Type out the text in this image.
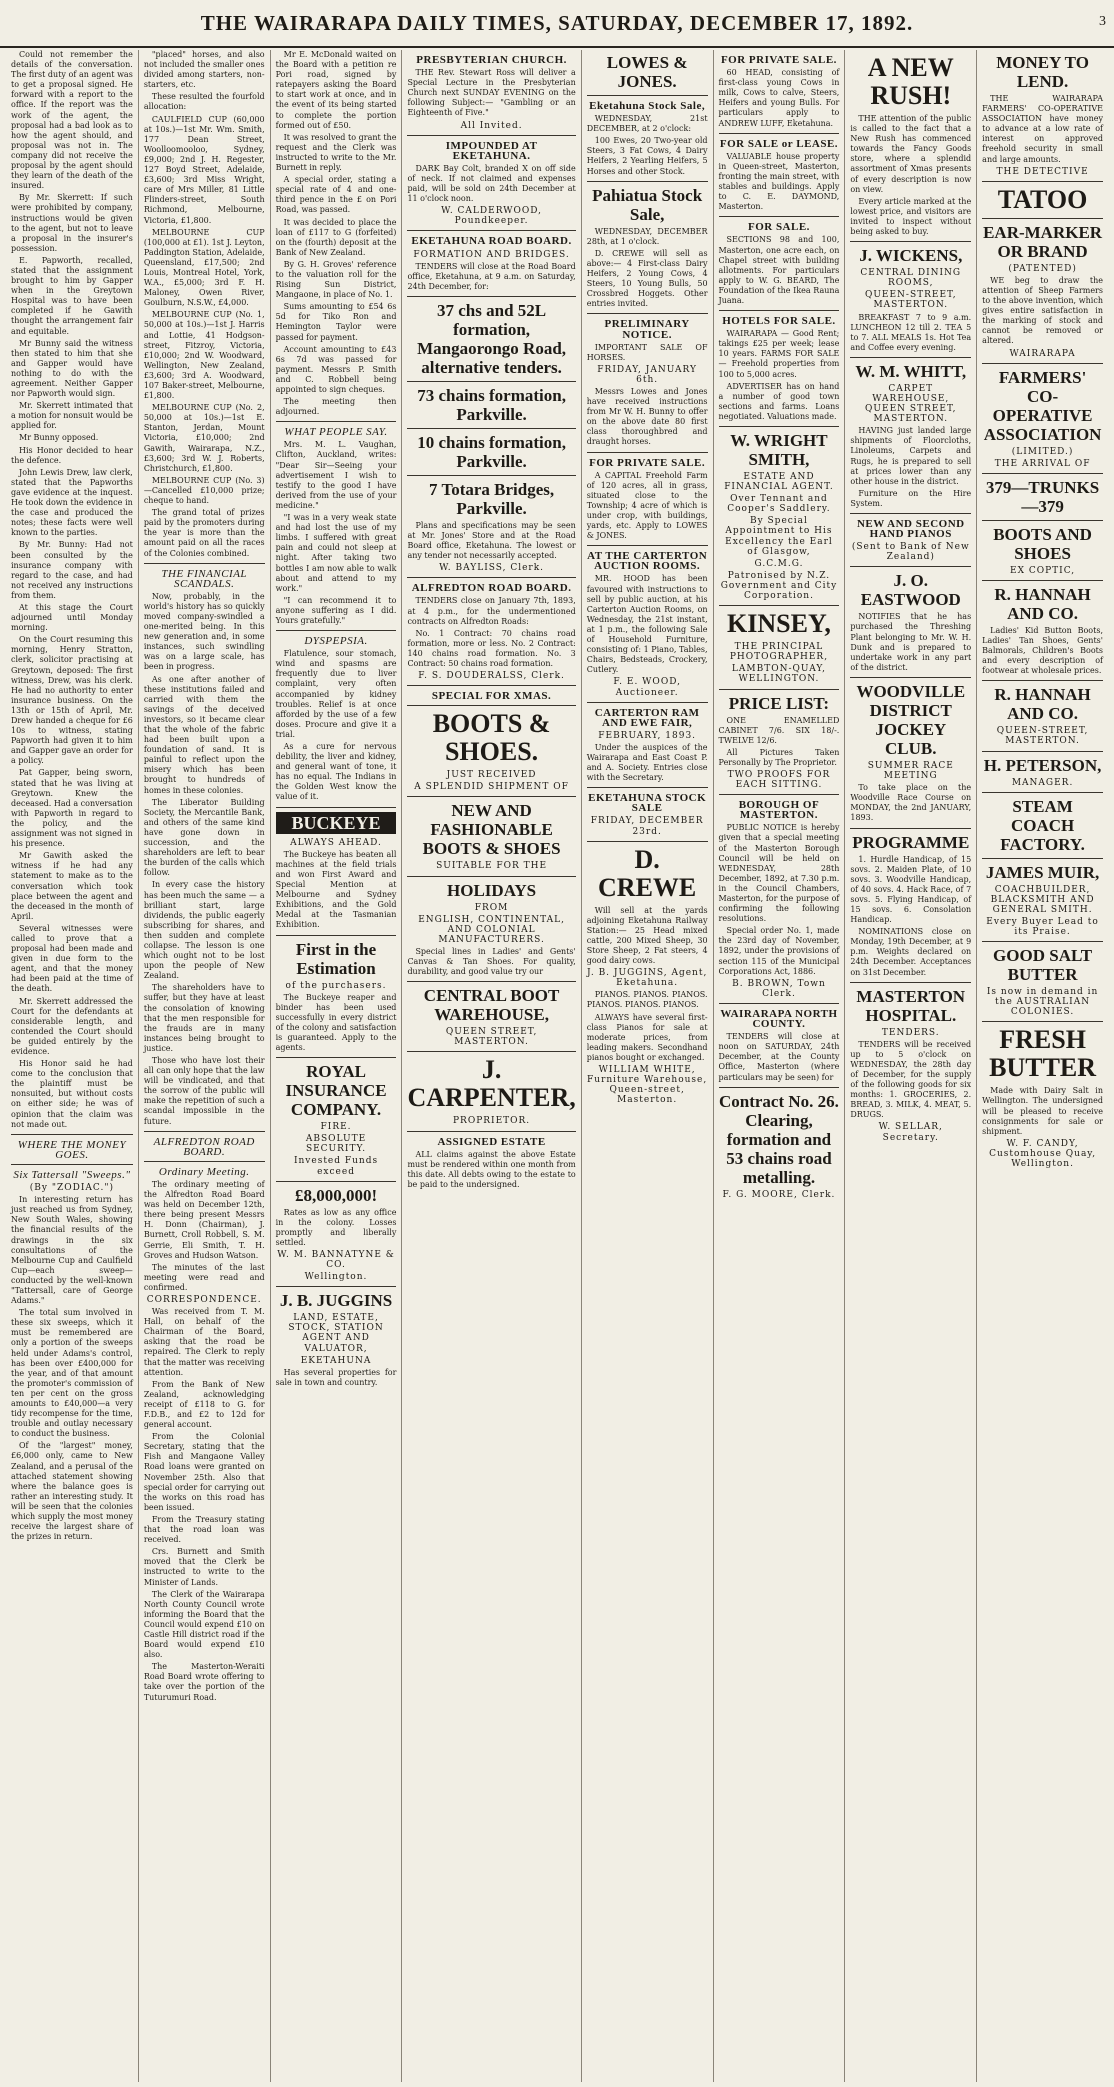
THE WAIRARAPA DAILY TIMES, SATURDAY, DECEMBER 17, 1892.	3
Could not remember the details of the conversation. The first duty of an agent was to get a proposal signed. He forward with a report to the office. If the report was the work of the agent, the proposal had a bad look as to how the agent should, and proposal was not in. The company did not receive the proposal by the agent should they learn of the death of the insured.
By Mr. Skerrett: If such were prohibited by company, instructions would be given to the agent, but not to leave a proposal in the insurer's possession.
E. Papworth, recalled, stated that the assignment brought to him by Gapper when in the Greytown Hospital was to have been completed if he Gawith thought the arrangement fair and equitable.
Mr Bunny said the witness then stated to him that she and Gapper would have nothing to do with the agreement. Neither Gapper nor Papworth would sign.
Mr. Skerrett intimated that a motion for nonsuit would be applied for.
Mr Bunny opposed.
His Honor decided to hear the defence.
John Lewis Drew, law clerk, stated that the Papworths gave evidence at the inquest. He took down the evidence in the case and produced the notes; these facts were well known to the parties.
By Mr. Bunny: Had not been consulted by the insurance company with regard to the case, and had not received any instructions from them.
At this stage the Court adjourned until Monday morning.
On the Court resuming this morning, Henry Stratton, clerk, solicitor practising at Greytown, deposed: The first witness, Drew, was his clerk. He had no authority to enter insurance business. On the 13th or 15th of April, Mr. Drew handed a cheque for £6 10s to witness, stating Papworth had given it to him and Gapper gave an order for a policy.
Pat Gapper, being sworn, stated that he was living at Greytown. Knew the deceased. Had a conversation with Papworth in regard to the policy, and the assignment was not signed in his presence.
Mr Gawith asked the witness if he had any statement to make as to the conversation which took place between the agent and the deceased in the month of April.
Several witnesses were called to prove that a proposal had been made and given in due form to the agent, and that the money had been paid at the time of the death.
Mr. Skerrett addressed the Court for the defendants at considerable length, and contended the Court should be guided entirely by the evidence.
His Honor said he had come to the conclusion that the plaintiff must be nonsuited, but without costs on either side; he was of opinion that the claim was not made out.
WHERE THE MONEY GOES.
Six Tattersall "Sweeps."
(By "ZODIAC.")
In interesting return has just reached us from Sydney, New South Wales, showing the financial results of the drawings in the six consultations of the Melbourne Cup and Caulfield Cup—each sweep—conducted by the well-known "Tattersall, care of George Adams."
The total sum involved in these six sweeps, which it must be remembered are only a portion of the sweeps held under Adams's control, has been over £400,000 for the year, and of that amount the promoter's commission of ten per cent on the gross amounts to £40,000—a very tidy recompense for the time, trouble and outlay necessary to conduct the business.
Of the "largest" money, £6,000 only, came to New Zealand, and a perusal of the attached statement showing where the balance goes is rather an interesting study. It will be seen that the colonies which supply the most money receive the largest share of the prizes in return.
"placed" horses, and also not included the smaller ones divided among starters, non-starters, etc.
These resulted the fourfold allocation:
CAULFIELD CUP (60,000 at 10s.)—1st Mr. Wm. Smith, 177 Dean Street, Woolloomooloo, Sydney, £9,000; 2nd J. H. Regester, 127 Boyd Street, Adelaide, £3,600; 3rd Miss Wright, care of Mrs Miller, 81 Little Flinders-street, South Richmond, Melbourne, Victoria, £1,800.
MELBOURNE CUP (100,000 at £1). 1st J. Leyton, Paddington Station, Adelaide, Queensland, £17,500; 2nd Louis, Montreal Hotel, York, W.A., £5,000; 3rd F. H. Maloney, Owen River, Goulburn, N.S.W., £4,000.
MELBOURNE CUP (No. 1, 50,000 at 10s.)—1st J. Harris and Lottie, 41 Hodgson-street, Fitzroy, Victoria, £10,000; 2nd W. Woodward, Wellington, New Zealand, £3,600; 3rd A. Woodward, 107 Baker-street, Melbourne, £1,800.
MELBOURNE CUP (No. 2, 50,000 at 10s.)—1st E. Stanton, Jerdan, Mount Victoria, £10,000; 2nd Gawith, Wairarapa, N.Z., £3,600; 3rd W. J. Roberts, Christchurch, £1,800.
MELBOURNE CUP (No. 3)—Cancelled £10,000 prize; cheque to hand.
The grand total of prizes paid by the promoters during the year is more than the amount paid on all the races of the Colonies combined.
THE FINANCIAL SCANDALS.
Now, probably, in the world's history has so quickly moved company-swindled a one-merited being. In this new generation and, in some instances, such swindling was on a large scale, has been in progress.
As one after another of these institutions failed and carried with them the savings of the deceived investors, so it became clear that the whole of the fabric had been built upon a foundation of sand. It is painful to reflect upon the misery which has been brought to hundreds of homes in these colonies.
The Liberator Building Society, the Mercantile Bank, and others of the same kind have gone down in succession, and the shareholders are left to bear the burden of the calls which follow.
In every case the history has been much the same — a brilliant start, large dividends, the public eagerly subscribing for shares, and then sudden and complete collapse. The lesson is one which ought not to be lost upon the people of New Zealand.
The shareholders have to suffer, but they have at least the consolation of knowing that the men responsible for the frauds are in many instances being brought to justice.
Those who have lost their all can only hope that the law will be vindicated, and that the sorrow of the public will make the repetition of such a scandal impossible in the future.
ALFREDTON ROAD BOARD.
Ordinary Meeting.
The ordinary meeting of the Alfredton Road Board was held on December 12th, there being present Messrs H. Donn (Chairman), J. Burnett, Croll Robbell, S. M. Gerrie, Eli Smith, T. H. Groves and Hudson Watson.
The minutes of the last meeting were read and confirmed.
CORRESPONDENCE.
Was received from T. M. Hall, on behalf of the Chairman of the Board, asking that the road be repaired. The Clerk to reply that the matter was receiving attention.
From the Bank of New Zealand, acknowledging receipt of £118 to G. for F.D.B., and £2 to 12d for general account.
From the Colonial Secretary, stating that the Fish and Mangaone Valley Road loans were granted on November 25th. Also that special order for carrying out the works on this road has been issued.
From the Treasury stating that the road loan was received.
Crs. Burnett and Smith moved that the Clerk be instructed to write to the Minister of Lands.
The Clerk of the Wairarapa North County Council wrote informing the Board that the Council would expend £10 on Castle Hill district road if the Board would expend £10 also.
The Masterton-Weraiti Road Board wrote offering to take over the portion of the Tuturumuri Road.
Mr E. McDonald waited on the Board with a petition re Pori road, signed by ratepayers asking the Board to start work at once, and in the event of its being started to complete the portion formed out of £50.
It was resolved to grant the request and the Clerk was instructed to write to the Mr. Burnett in reply.
A special order, stating a special rate of 4 and one-third pence in the £ on Pori Road, was passed.
It was decided to place the loan of £117 to G (forfeited) on the (fourth) deposit at the Bank of New Zealand.
By G. H. Groves' reference to the valuation roll for the Rising Sun District, Mangaone, in place of No. 1.
Sums amounting to £54 6s 5d for Tiko Ron and Hemington Taylor were passed for payment.
Account amounting to £43 6s 7d was passed for payment. Messrs P. Smith and C. Robbell being appointed to sign cheques.
The meeting then adjourned.
WHAT PEOPLE SAY.
Mrs. M. L. Vaughan, Clifton, Auckland, writes: "Dear Sir—Seeing your advertisement I wish to testify to the good I have derived from the use of your medicine."
"I was in a very weak state and had lost the use of my limbs. I suffered with great pain and could not sleep at night. After taking two bottles I am now able to walk about and attend to my work."
"I can recommend it to anyone suffering as I did. Yours gratefully."
DYSPEPSIA.
Flatulence, sour stomach, wind and spasms are frequently due to liver complaint, very often accompanied by kidney troubles. Relief is at once afforded by the use of a few doses. Procure and give it a trial.
As a cure for nervous debility, the liver and kidney, and general want of tone, it has no equal. The Indians in the Golden West know the value of it.
BUCKEYE
ALWAYS AHEAD.
The Buckeye has beaten all machines at the field trials and won First Award and Special Mention at Melbourne and Sydney Exhibitions, and the Gold Medal at the Tasmanian Exhibition.
First in the Estimation
of the purchasers.
The Buckeye reaper and binder has been used successfully in every district of the colony and satisfaction is guaranteed. Apply to the agents.
ROYAL INSURANCE COMPANY.
FIRE.
ABSOLUTE SECURITY.
Invested Funds exceed
£8,000,000!
Rates as low as any office in the colony. Losses promptly and liberally settled.
W. M. BANNATYNE & CO.
Wellington.
J. B. JUGGINS
LAND, ESTATE, STOCK, STATION AGENT AND VALUATOR,
EKETAHUNA
Has several properties for sale in town and country.
PRESBYTERIAN CHURCH.
THE Rev. Stewart Ross will deliver a Special Lecture in the Presbyterian Church next SUNDAY EVENING on the following Subject:— "Gambling or an Eighteenth of Five."
All Invited.
IMPOUNDED AT EKETAHUNA.
DARK Bay Colt, branded X on off side of neck. If not claimed and expenses paid, will be sold on 24th December at 11 o'clock noon.
W. CALDERWOOD, Poundkeeper.
EKETAHUNA ROAD BOARD.
FORMATION AND BRIDGES.
TENDERS will close at the Road Board office, Eketahuna, at 9 a.m. on Saturday, 24th December, for:
37 chs and 52L formation, Mangaorongo Road, alternative tenders.
73 chains formation, Parkville.
10 chains formation, Parkville.
7 Totara Bridges, Parkville.
Plans and specifications may be seen at Mr. Jones' Store and at the Road Board office, Eketahuna. The lowest or any tender not necessarily accepted.
W. BAYLISS, Clerk.
ALFREDTON ROAD BOARD.
TENDERS close on January 7th, 1893, at 4 p.m., for the undermentioned contracts on Alfredton Roads:
No. 1 Contract: 70 chains road formation, more or less. No. 2 Contract: 140 chains road formation. No. 3 Contract: 50 chains road formation.
F. S. DOUDERALSS, Clerk.
SPECIAL FOR XMAS.
BOOTS & SHOES.
JUST RECEIVED
A SPLENDID SHIPMENT OF
NEW AND FASHIONABLE BOOTS & SHOES
SUITABLE FOR THE
HOLIDAYS
FROM
ENGLISH, CONTINENTAL, AND COLONIAL MANUFACTURERS.
Special lines in Ladies' and Gents' Canvas & Tan Shoes. For quality, durability, and good value try our
CENTRAL BOOT WAREHOUSE,
QUEEN STREET, MASTERTON.
J. CARPENTER,
PROPRIETOR.
ASSIGNED ESTATE
ALL claims against the above Estate must be rendered within one month from this date. All debts owing to the estate to be paid to the undersigned.
LOWES & JONES.
Eketahuna Stock Sale,
WEDNESDAY, 21st DECEMBER, at 2 o'clock:
100 Ewes, 20 Two-year old Steers, 3 Fat Cows, 4 Dairy Heifers, 2 Yearling Heifers, 5 Horses and other Stock.
Pahiatua Stock Sale,
WEDNESDAY, DECEMBER 28th, at 1 o'clock.
D. CREWE will sell as above:— 4 First-class Dairy Heifers, 2 Young Cows, 4 Steers, 10 Young Bulls, 50 Crossbred Hoggets. Other entries invited.
PRELIMINARY NOTICE.
IMPORTANT SALE OF HORSES.
FRIDAY, JANUARY 6th.
Messrs Lowes and Jones have received instructions from Mr W. H. Bunny to offer on the above date 80 first class thoroughbred and draught horses.
FOR PRIVATE SALE.
A CAPITAL Freehold Farm of 120 acres, all in grass, situated close to the Township; 4 acre of which is under crop, with buildings, yards, etc. Apply to LOWES & JONES.
AT THE CARTERTON AUCTION ROOMS.
MR. HOOD has been favoured with instructions to sell by public auction, at his Carterton Auction Rooms, on Wednesday, the 21st instant, at 1 p.m., the following Sale of Household Furniture, consisting of: 1 Piano, Tables, Chairs, Bedsteads, Crockery, Cutlery.
F. E. WOOD, Auctioneer.
CARTERTON RAM AND EWE FAIR,
FEBRUARY, 1893.
Under the auspices of the Wairarapa and East Coast P. and A. Society. Entries close with the Secretary.
EKETAHUNA STOCK SALE
FRIDAY, DECEMBER 23rd.
D. CREWE
Will sell at the yards adjoining Eketahuna Railway Station:— 25 Head mixed cattle, 200 Mixed Sheep, 30 Store Sheep, 2 Fat steers, 4 good dairy cows.
J. B. JUGGINS, Agent, Eketahuna.
PIANOS. PIANOS. PIANOS. PIANOS. PIANOS. PIANOS.
ALWAYS have several first-class Pianos for sale at moderate prices, from leading makers. Secondhand pianos bought or exchanged.
WILLIAM WHITE, Furniture Warehouse, Queen-street, Masterton.
FOR PRIVATE SALE.
60 HEAD, consisting of first-class young Cows in milk, Cows to calve, Steers, Heifers and young Bulls. For particulars apply to ANDREW LUFF, Eketahuna.
FOR SALE or LEASE.
VALUABLE house property in Queen-street, Masterton, fronting the main street, with stables and buildings. Apply to C. E. DAYMOND, Masterton.
FOR SALE.
SECTIONS 98 and 100, Masterton, one acre each, on Chapel street with building allotments. For particulars apply to W. G. BEARD, The Foundation of the Ikea Rauna Juana.
HOTELS FOR SALE.
WAIRARAPA — Good Rent; takings £25 per week; lease 10 years. FARMS FOR SALE — Freehold properties from 100 to 5,000 acres.
ADVERTISER has on hand a number of good town sections and farms. Loans negotiated. Valuations made.
W. WRIGHT SMITH,
ESTATE AND FINANCIAL AGENT.
Over Tennant and Cooper's Saddlery.
By Special Appointment to His Excellency the Earl of Glasgow,
G.C.M.G.
Patronised by N.Z. Government and City Corporation.
KINSEY,
THE PRINCIPAL PHOTOGRAPHER,
LAMBTON-QUAY, WELLINGTON.
PRICE LIST:
ONE ENAMELLED CABINET 7/6. SIX 18/-. TWELVE 12/6.
All Pictures Taken Personally by The Proprietor.
TWO PROOFS FOR EACH SITTING.
BOROUGH OF MASTERTON.
PUBLIC NOTICE is hereby given that a special meeting of the Masterton Borough Council will be held on WEDNESDAY, 28th December, 1892, at 7.30 p.m. in the Council Chambers, Masterton, for the purpose of confirming the following resolutions.
Special order No. 1, made the 23rd day of November, 1892, under the provisions of section 115 of the Municipal Corporations Act, 1886.
B. BROWN, Town Clerk.
WAIRARAPA NORTH COUNTY.
TENDERS will close at noon on SATURDAY, 24th December, at the County Office, Masterton (where particulars may be seen) for
Contract No. 26. Clearing, formation and 53 chains road metalling.
F. G. MOORE, Clerk.
A NEW RUSH!
THE attention of the public is called to the fact that a New Rush has commenced towards the Fancy Goods store, where a splendid assortment of Xmas presents of every description is now on view.
Every article marked at the lowest price, and visitors are invited to inspect without being asked to buy.
J. WICKENS,
CENTRAL DINING ROOMS,
QUEEN-STREET, MASTERTON.
BREAKFAST 7 to 9 a.m. LUNCHEON 12 till 2. TEA 5 to 7. ALL MEALS 1s. Hot Tea and Coffee every evening.
W. M. WHITT,
CARPET WAREHOUSE, QUEEN STREET, MASTERTON.
HAVING just landed large shipments of Floorcloths, Linoleums, Carpets and Rugs, he is prepared to sell at prices lower than any other house in the district.
Furniture on the Hire System.
NEW AND SECOND HAND PIANOS
(Sent to Bank of New Zealand)
J. O. EASTWOOD
NOTIFIES that he has purchased the Threshing Plant belonging to Mr. W. H. Dunk and is prepared to undertake work in any part of the district.
WOODVILLE DISTRICT JOCKEY CLUB.
SUMMER RACE MEETING
To take place on the Woodville Race Course on MONDAY, the 2nd JANUARY, 1893.
PROGRAMME
1. Hurdle Handicap, of 15 sovs. 2. Maiden Plate, of 10 sovs. 3. Woodville Handicap, of 40 sovs. 4. Hack Race, of 7 sovs. 5. Flying Handicap, of 15 sovs. 6. Consolation Handicap.
NOMINATIONS close on Monday, 19th December, at 9 p.m. Weights declared on 24th December. Acceptances on 31st December.
MASTERTON HOSPITAL.
TENDERS.
TENDERS will be received up to 5 o'clock on WEDNESDAY, the 28th day of December, for the supply of the following goods for six months: 1. GROCERIES, 2. BREAD, 3. MILK, 4. MEAT, 5. DRUGS.
W. SELLAR, Secretary.
MONEY TO LEND.
THE WAIRARAPA FARMERS' CO-OPERATIVE ASSOCIATION have money to advance at a low rate of interest on approved freehold security in small and large amounts.
THE DETECTIVE
TATOO
EAR-MARKER OR BRAND
(PATENTED)
WE beg to draw the attention of Sheep Farmers to the above invention, which gives entire satisfaction in the marking of stock and cannot be removed or altered.
WAIRARAPA
FARMERS' CO-OPERATIVE ASSOCIATION
(LIMITED.)
THE ARRIVAL OF
379—TRUNKS—379
BOOTS AND SHOES
EX COPTIC,
R. HANNAH AND CO.
Ladies' Kid Button Boots, Ladies' Tan Shoes, Gents' Balmorals, Children's Boots and every description of footwear at wholesale prices.
R. HANNAH AND CO.
QUEEN-STREET, MASTERTON.
H. PETERSON,
MANAGER.
STEAM COACH FACTORY.
JAMES MUIR,
COACHBUILDER, BLACKSMITH AND GENERAL SMITH.
Every Buyer Lead to its Praise.
GOOD SALT BUTTER
Is now in demand in the AUSTRALIAN COLONIES.
FRESH BUTTER
Made with Dairy Salt in Wellington. The undersigned will be pleased to receive consignments for sale or shipment.
W. F. CANDY, Customhouse Quay, Wellington.
